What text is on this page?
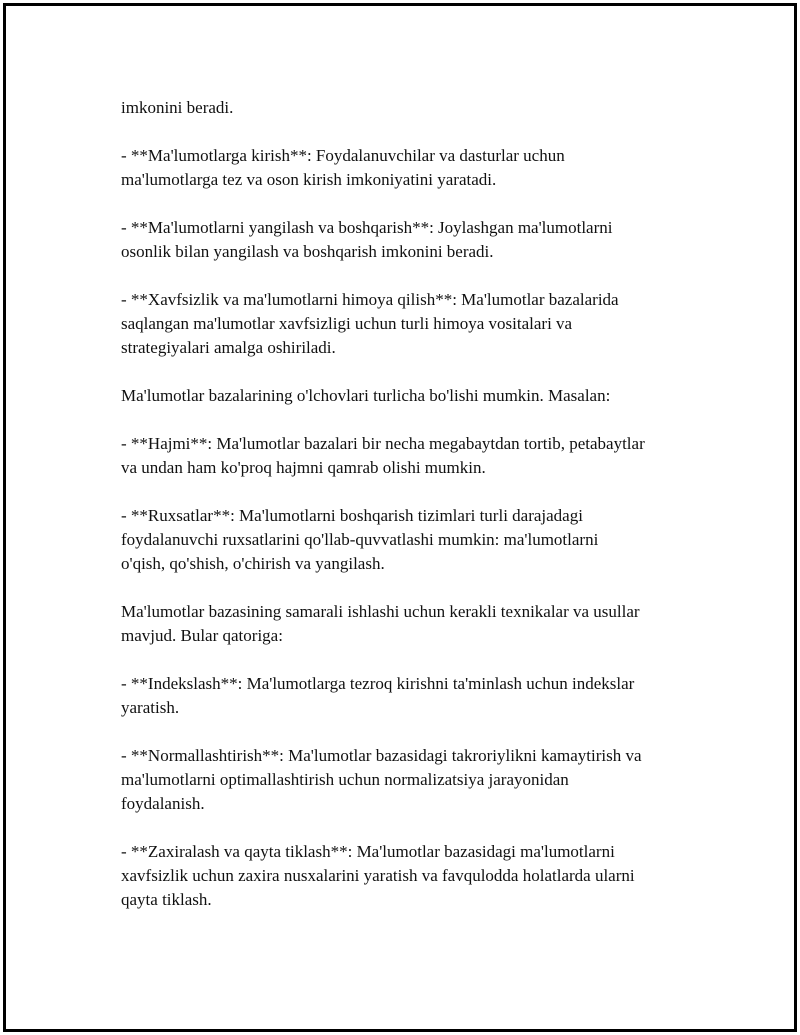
imkonini beradi.

- **Ma'lumotlarga kirish**: Foydalanuvchilar va dasturlar uchun
ma'lumotlarga tez va oson kirish imkoniyatini yaratadi.

- **Ma'lumotlarni yangilash va boshqarish**: Joylashgan ma'lumotlarni
osonlik bilan yangilash va boshqarish imkonini beradi.

- **Xavfsizlik va ma'lumotlarni himoya qilish**: Ma'lumotlar bazalarida
saqlangan ma'lumotlar xavfsizligi uchun turli himoya vositalari va
strategiyalari amalga oshiriladi.

Ma'lumotlar bazalarining o'lchovlari turlicha bo'lishi mumkin. Masalan:

- **Hajmi**: Ma'lumotlar bazalari bir necha megabaytdan tortib, petabaytlar
va undan ham ko'proq hajmni qamrab olishi mumkin.

- **Ruxsatlar**: Ma'lumotlarni boshqarish tizimlari turli darajadagi
foydalanuvchi ruxsatlarini qo'llab-quvvatlashi mumkin: ma'lumotlarni
o'qish, qo'shish, o'chirish va yangilash.

Ma'lumotlar bazasining samarali ishlashi uchun kerakli texnikalar va usullar
mavjud. Bular qatoriga:

- **Indekslash**: Ma'lumotlarga tezroq kirishni ta'minlash uchun indekslar
yaratish.

- **Normallashtirish**: Ma'lumotlar bazasidagi takroriylikni kamaytirish va
ma'lumotlarni optimallashtirish uchun normalizatsiya jarayonidan
foydalanish.

- **Zaxiralash va qayta tiklash**: Ma'lumotlar bazasidagi ma'lumotlarni
xavfsizlik uchun zaxira nusxalarini yaratish va favqulodda holatlarda ularni
qayta tiklash.
